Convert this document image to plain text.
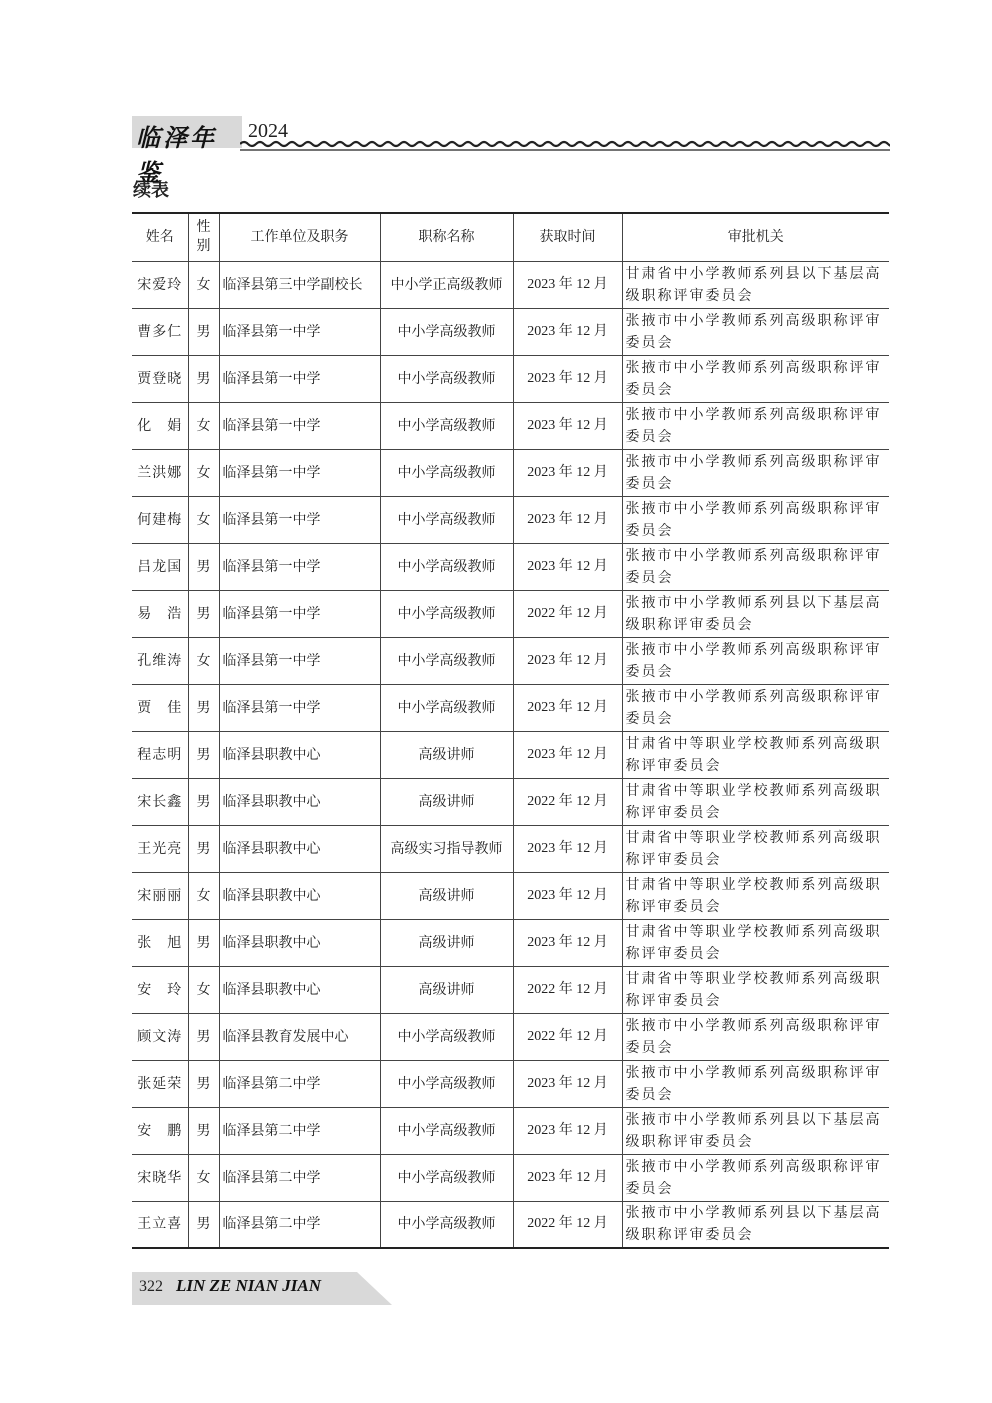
临泽年鉴
2024
续表
姓名	性别	工作单位及职务	职称名称	获取时间	审批机关
宋爱玲	女	临泽县第三中学副校长	中小学正高级教师	2023 年 12 月	甘肃省中小学教师系列县以下基层高级职称评审委员会
曹多仁	男	临泽县第一中学	中小学高级教师	2023 年 12 月	张掖市中小学教师系列高级职称评审委员会
贾登晓	男	临泽县第一中学	中小学高级教师	2023 年 12 月	张掖市中小学教师系列高级职称评审委员会
化　娟	女	临泽县第一中学	中小学高级教师	2023 年 12 月	张掖市中小学教师系列高级职称评审委员会
兰洪娜	女	临泽县第一中学	中小学高级教师	2023 年 12 月	张掖市中小学教师系列高级职称评审委员会
何建梅	女	临泽县第一中学	中小学高级教师	2023 年 12 月	张掖市中小学教师系列高级职称评审委员会
吕龙国	男	临泽县第一中学	中小学高级教师	2023 年 12 月	张掖市中小学教师系列高级职称评审委员会
易　浩	男	临泽县第一中学	中小学高级教师	2022 年 12 月	张掖市中小学教师系列县以下基层高级职称评审委员会
孔维涛	女	临泽县第一中学	中小学高级教师	2023 年 12 月	张掖市中小学教师系列高级职称评审委员会
贾　佳	男	临泽县第一中学	中小学高级教师	2023 年 12 月	张掖市中小学教师系列高级职称评审委员会
程志明	男	临泽县职教中心	高级讲师	2023 年 12 月	甘肃省中等职业学校教师系列高级职称评审委员会
宋长鑫	男	临泽县职教中心	高级讲师	2022 年 12 月	甘肃省中等职业学校教师系列高级职称评审委员会
王光亮	男	临泽县职教中心	高级实习指导教师	2023 年 12 月	甘肃省中等职业学校教师系列高级职称评审委员会
宋丽丽	女	临泽县职教中心	高级讲师	2023 年 12 月	甘肃省中等职业学校教师系列高级职称评审委员会
张　旭	男	临泽县职教中心	高级讲师	2023 年 12 月	甘肃省中等职业学校教师系列高级职称评审委员会
安　玲	女	临泽县职教中心	高级讲师	2022 年 12 月	甘肃省中等职业学校教师系列高级职称评审委员会
顾文涛	男	临泽县教育发展中心	中小学高级教师	2022 年 12 月	张掖市中小学教师系列高级职称评审委员会
张延荣	男	临泽县第二中学	中小学高级教师	2023 年 12 月	张掖市中小学教师系列高级职称评审委员会
安　鹏	男	临泽县第二中学	中小学高级教师	2023 年 12 月	张掖市中小学教师系列县以下基层高级职称评审委员会
宋晓华	女	临泽县第二中学	中小学高级教师	2023 年 12 月	张掖市中小学教师系列高级职称评审委员会
王立喜	男	临泽县第二中学	中小学高级教师	2022 年 12 月	张掖市中小学教师系列县以下基层高级职称评审委员会
322 LIN ZE NIAN JIAN
